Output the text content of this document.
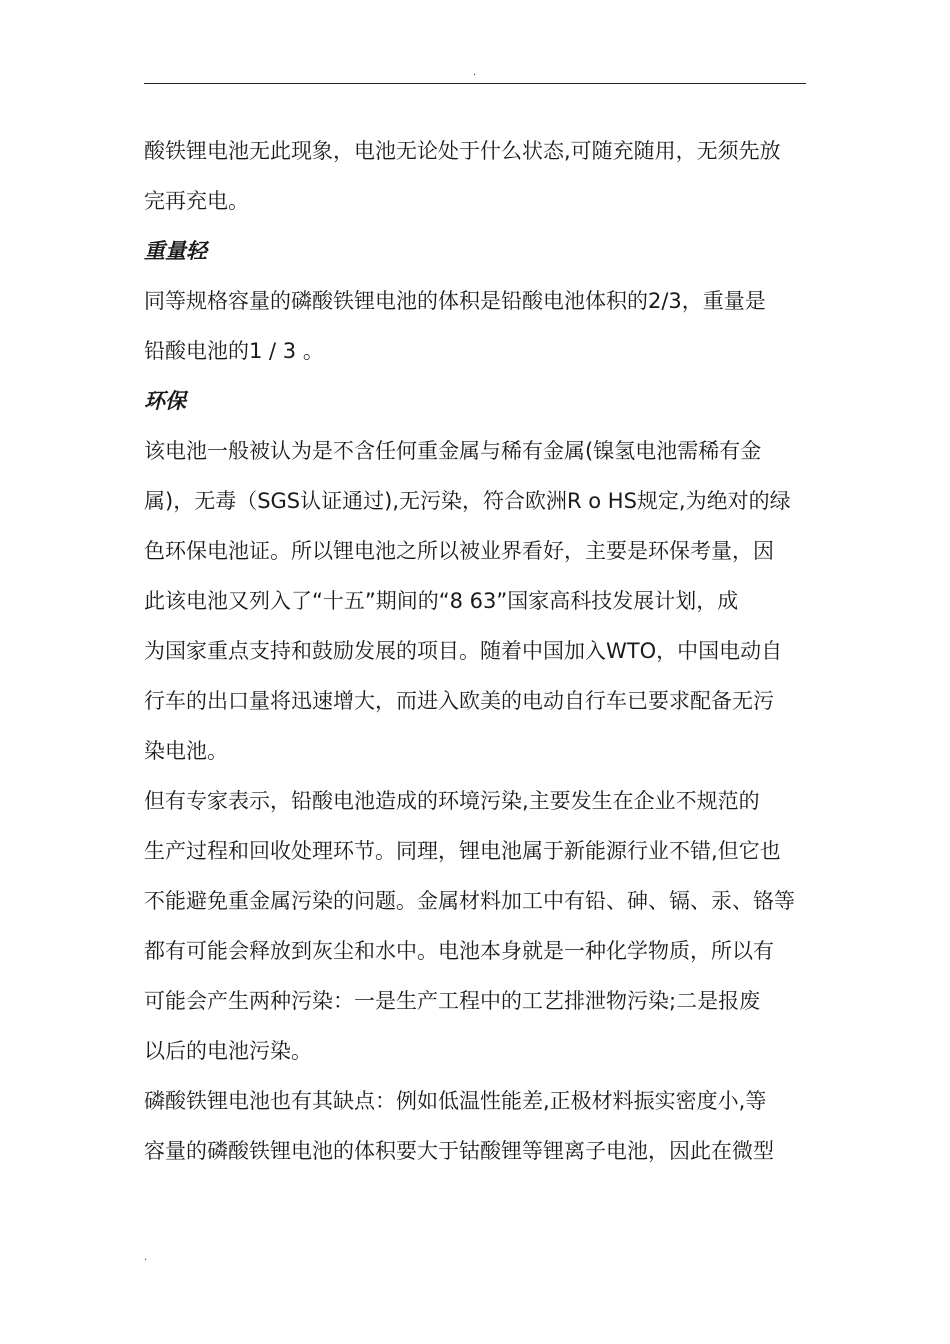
.
酸铁锂电池无此现象，电池无论处于什么状态,可随充随用，无须先放
完再充电。
重量轻
同等规格容量的磷酸铁锂电池的体积是铅酸电池体积的2/3，重量是
铅酸电池的1 / 3 。
环保
该电池一般被认为是不含任何重金属与稀有金属(镍氢电池需稀有金
属)，无毒（SGS认证通过),无污染，符合欧洲R o HS规定,为绝对的绿
色环保电池证。所以锂电池之所以被业界看好，主要是环保考量，因
此该电池又列入了“十五”期间的“8 63”国家高科技发展计划，成
为国家重点支持和鼓励发展的项目。随着中国加入WTO，中国电动自
行车的出口量将迅速增大，而进入欧美的电动自行车已要求配备无污
染电池。
但有专家表示，铅酸电池造成的环境污染,主要发生在企业不规范的
生产过程和回收处理环节。同理，锂电池属于新能源行业不错,但它也
不能避免重金属污染的问题。金属材料加工中有铅、砷、镉、汞、铬等
都有可能会释放到灰尘和水中。电池本身就是一种化学物质，所以有
可能会产生两种污染：一是生产工程中的工艺排泄物污染;二是报废
以后的电池污染。
磷酸铁锂电池也有其缺点：例如低温性能差,正极材料振实密度小,等
容量的磷酸铁锂电池的体积要大于钴酸锂等锂离子电池，因此在微型
.
